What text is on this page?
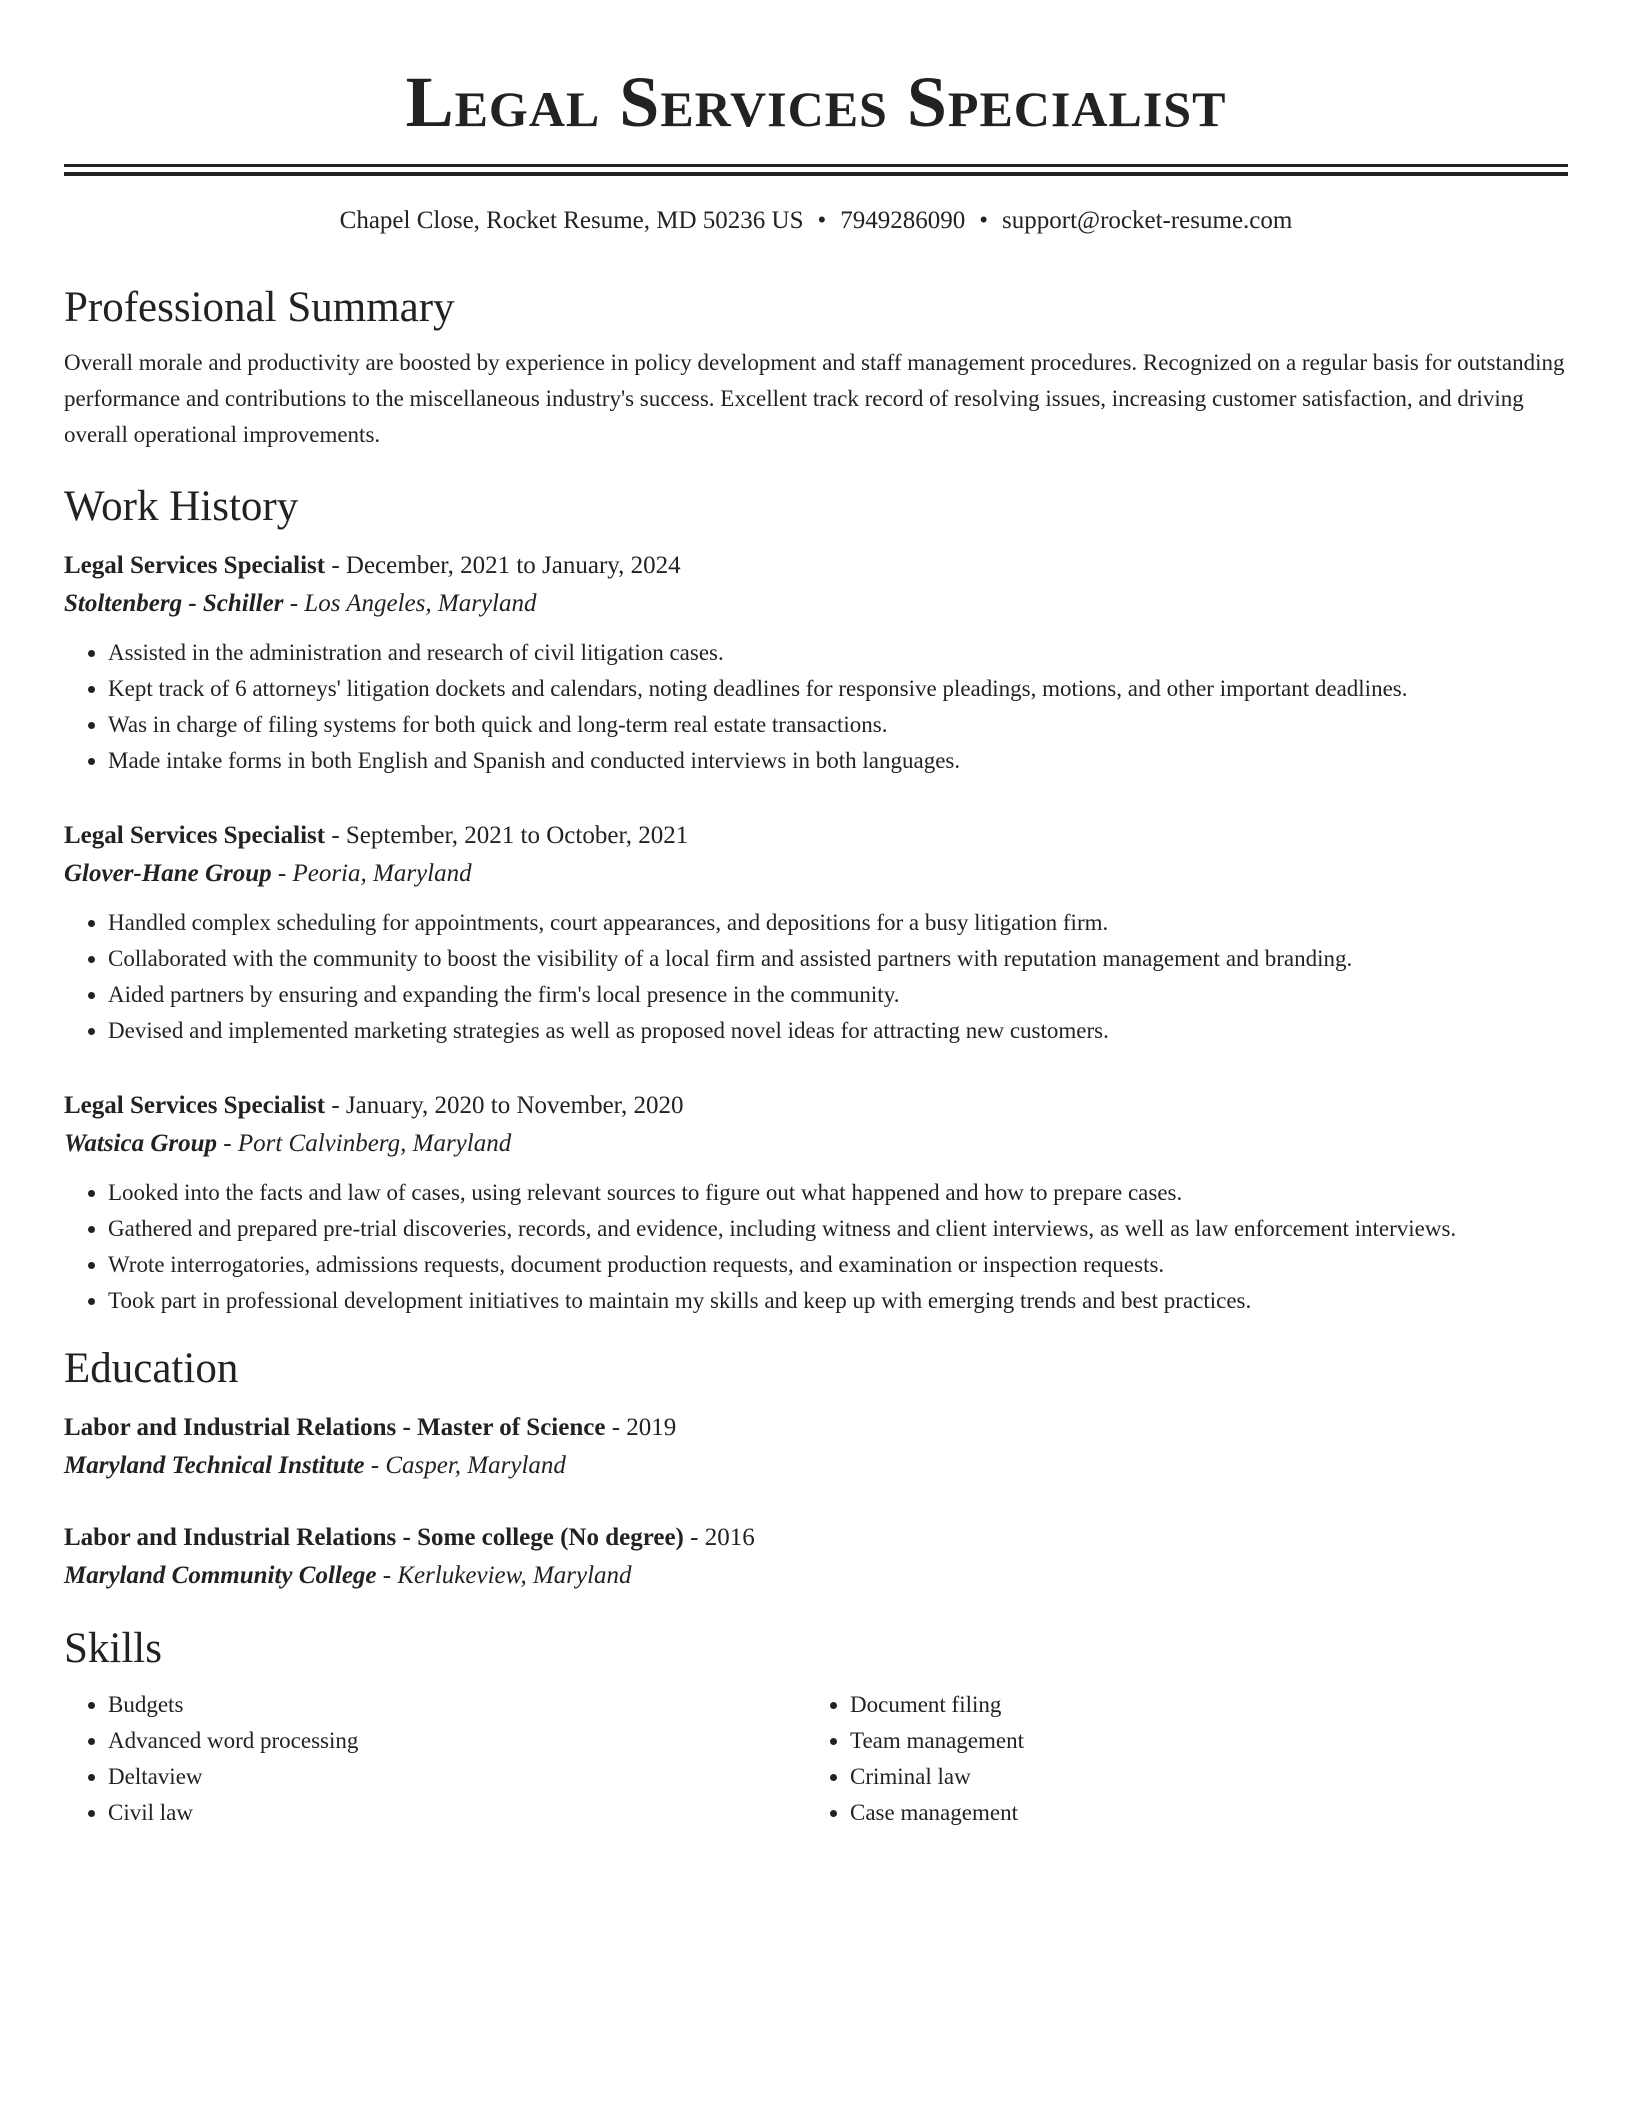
Legal Services Specialist
Chapel Close, Rocket Resume, MD 50236 US • 7949286090 • support@rocket-resume.com
Professional Summary

Overall morale and productivity are boosted by experience in policy development and staff management procedures. Recognized on a regular basis for outstanding performance and contributions to the miscellaneous industry's success. Excellent track record of resolving issues, increasing customer satisfaction, and driving overall operational improvements.

Work History
Legal Services Specialist - December, 2021 to January, 2024
Stoltenberg - Schiller - Los Angeles, Maryland
• Assisted in the administration and research of civil litigation cases.
• Kept track of 6 attorneys' litigation dockets and calendars, noting deadlines for responsive pleadings, motions, and other important deadlines.
• Was in charge of filing systems for both quick and long-term real estate transactions.
• Made intake forms in both English and Spanish and conducted interviews in both languages.
Legal Services Specialist - September, 2021 to October, 2021
Glover-Hane Group - Peoria, Maryland
• Handled complex scheduling for appointments, court appearances, and depositions for a busy litigation firm.
• Collaborated with the community to boost the visibility of a local firm and assisted partners with reputation management and branding.
• Aided partners by ensuring and expanding the firm's local presence in the community.
• Devised and implemented marketing strategies as well as proposed novel ideas for attracting new customers.
Legal Services Specialist - January, 2020 to November, 2020
Watsica Group - Port Calvinberg, Maryland
• Looked into the facts and law of cases, using relevant sources to figure out what happened and how to prepare cases.
• Gathered and prepared pre-trial discoveries, records, and evidence, including witness and client interviews, as well as law enforcement interviews.
• Wrote interrogatories, admissions requests, document production requests, and examination or inspection requests.
• Took part in professional development initiatives to maintain my skills and keep up with emerging trends and best practices.
Education
Labor and Industrial Relations - Master of Science - 2019
Maryland Technical Institute - Casper, Maryland
Labor and Industrial Relations - Some college (No degree) - 2016
Maryland Community College - Kerlukeview, Maryland
Skills
• Budgets
• Advanced word processing
• Deltaview
• Civil law
• Document filing
• Team management
• Criminal law
• Case management
